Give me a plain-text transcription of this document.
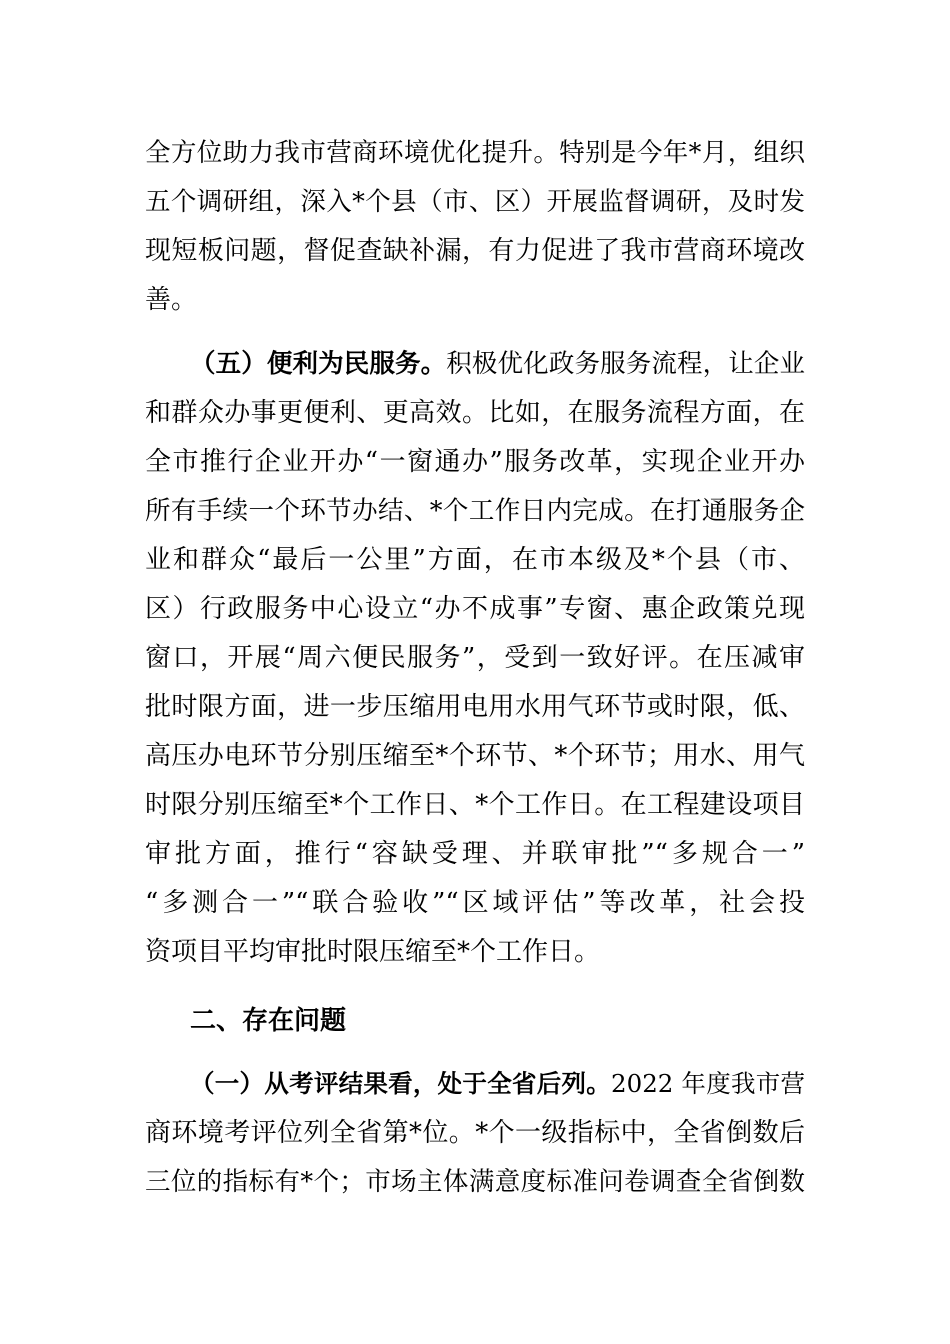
全方位助力我市营商环境优化提升。特别是今年*月，组织
五个调研组，深入*个县（市、区）开展监督调研，及时发
现短板问题，督促查缺补漏，有力促进了我市营商环境改
善。
（五）便利为民服务。积极优化政务服务流程，让企业
和群众办事更便利、更高效。比如，在服务流程方面，在
全市推行企业开办“一窗通办”服务改革，实现企业开办
所有手续一个环节办结、*个工作日内完成。在打通服务企
业和群众“最后一公里”方面，在市本级及*个县（市、
区）行政服务中心设立“办不成事”专窗、惠企政策兑现
窗口，开展“周六便民服务”，受到一致好评。在压减审
批时限方面，进一步压缩用电用水用气环节或时限，低、
高压办电环节分别压缩至*个环节、*个环节；用水、用气
时限分别压缩至*个工作日、*个工作日。在工程建设项目
审批方面，推行“容缺受理、并联审批”“多规合一”
“多测合一”“联合验收”“区域评估”等改革，社会投
资项目平均审批时限压缩至*个工作日。
二、存在问题
（一）从考评结果看，处于全省后列。2022 年度我市营
商环境考评位列全省第*位。*个一级指标中，全省倒数后
三位的指标有*个；市场主体满意度标准问卷调查全省倒数
